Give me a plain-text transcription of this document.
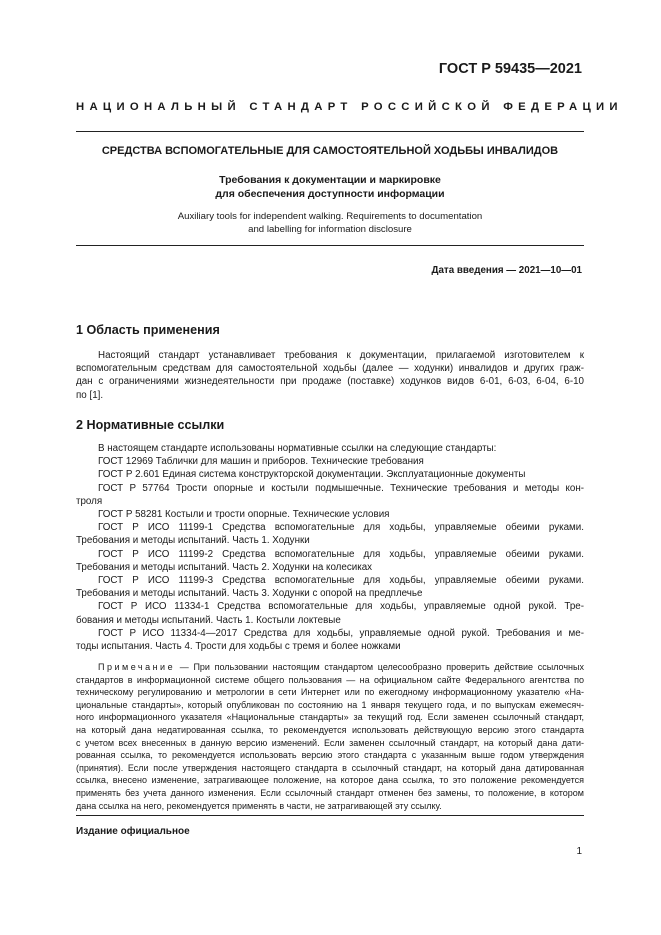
ГОСТ Р 59435—2021
НАЦИОНАЛЬНЫЙ СТАНДАРТ РОССИЙСКОЙ ФЕДЕРАЦИИ
СРЕДСТВА ВСПОМОГАТЕЛЬНЫЕ ДЛЯ САМОСТОЯТЕЛЬНОЙ ХОДЬБЫ ИНВАЛИДОВ
Требования к документации и маркировке
для обеспечения доступности информации
Auxiliary tools for independent walking. Requirements to documentation
and labelling for information disclosure
Дата введения — 2021—10—01
1 Область применения
Настоящий стандарт устанавливает требования к документации, прилагаемой изготовителем к
вспомогательным средствам для самостоятельной ходьбы (далее — ходунки) инвалидов и других граж-
дан с ограничениями жизнедеятельности при продаже (поставке) ходунков видов 6-01, 6-03, 6-04, 6-10
по [1].
2 Нормативные ссылки
В настоящем стандарте использованы нормативные ссылки на следующие стандарты:
ГОСТ 12969 Таблички для машин и приборов. Технические требования
ГОСТ Р 2.601 Единая система конструкторской документации. Эксплуатационные документы
ГОСТ Р 57764 Трости опорные и костыли подмышечные. Технические требования и методы кон-
троля
ГОСТ Р 58281 Костыли и трости опорные. Технические условия
ГОСТ Р ИСО 11199-1 Средства вспомогательные для ходьбы, управляемые обеими руками.
Требования и методы испытаний. Часть 1. Ходунки
ГОСТ Р ИСО 11199-2 Средства вспомогательные для ходьбы, управляемые обеими руками.
Требования и методы испытаний. Часть 2. Ходунки на колесиках
ГОСТ Р ИСО 11199-3 Средства вспомогательные для ходьбы, управляемые обеими руками.
Требования и методы испытаний. Часть 3. Ходунки с опорой на предплечье
ГОСТ Р ИСО 11334-1 Средства вспомогательные для ходьбы, управляемые одной рукой. Тре-
бования и методы испытаний. Часть 1. Костыли локтевые
ГОСТ Р ИСО 11334-4—2017 Средства для ходьбы, управляемые одной рукой. Требования и ме-
тоды испытания. Часть 4. Трости для ходьбы с тремя и более ножками
Примечание — При пользовании настоящим стандартом целесообразно проверить действие ссылочных
стандартов в информационной системе общего пользования — на официальном сайте Федерального агентства по
техническому регулированию и метрологии в сети Интернет или по ежегодному информационному указателю «На-
циональные стандарты», который опубликован по состоянию на 1 января текущего года, и по выпускам ежемесяч-
ного информационного указателя «Национальные стандарты» за текущий год. Если заменен ссылочный стандарт,
на который дана недатированная ссылка, то рекомендуется использовать действующую версию этого стандарта
с учетом всех внесенных в данную версию изменений. Если заменен ссылочный стандарт, на который дана дати-
рованная ссылка, то рекомендуется использовать версию этого стандарта с указанным выше годом утверждения
(принятия). Если после утверждения настоящего стандарта в ссылочный стандарт, на который дана датированная
ссылка, внесено изменение, затрагивающее положение, на которое дана ссылка, то это положение рекомендуется
применять без учета данного изменения. Если ссылочный стандарт отменен без замены, то положение, в котором
дана ссылка на него, рекомендуется применять в части, не затрагивающей эту ссылку.
Издание официальное
1
